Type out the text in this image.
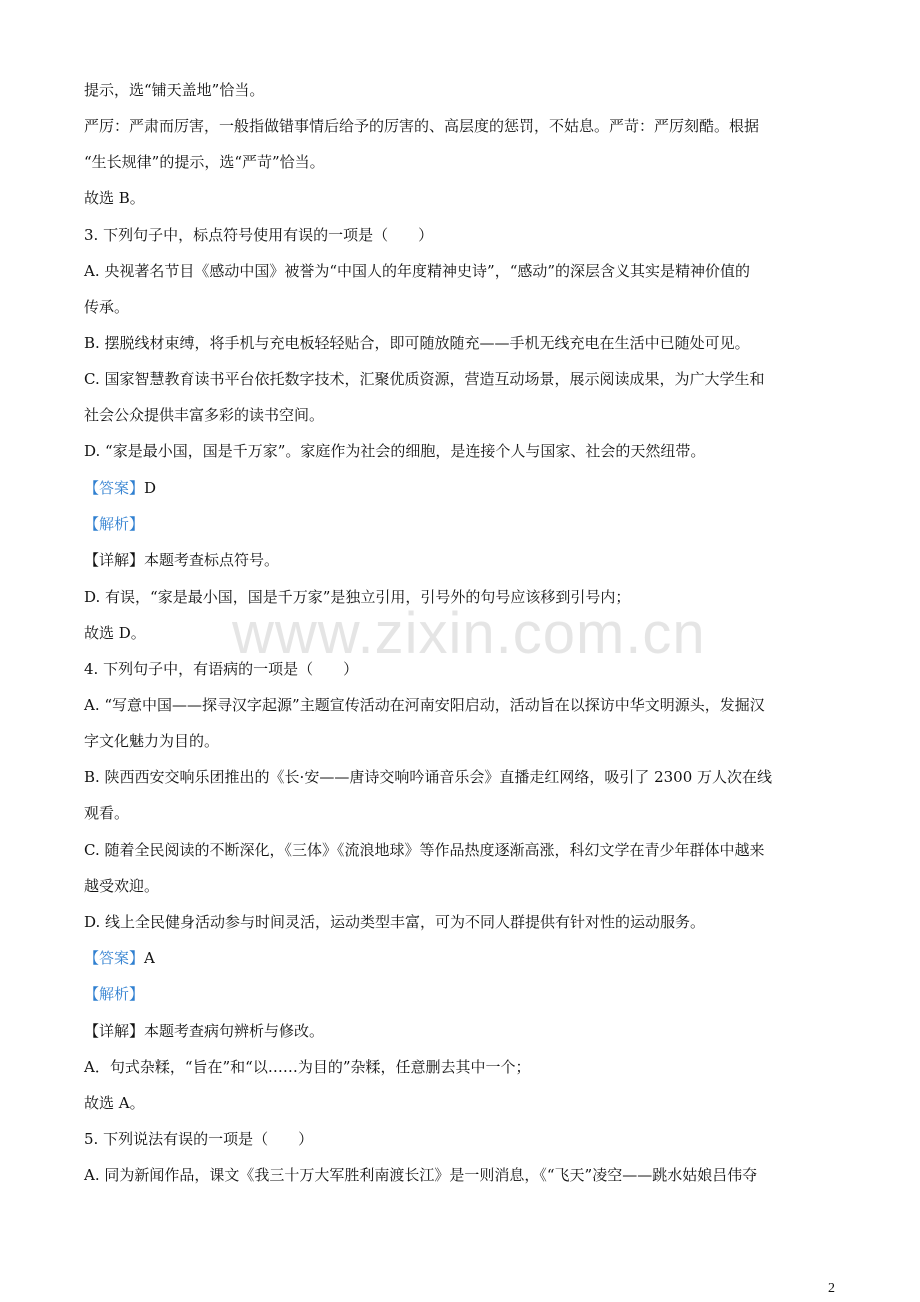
提示，选“铺天盖地”恰当。
严厉：严肃而厉害，一般指做错事情后给予的厉害的、高层度的惩罚，不姑息。严苛：严厉刻酷。根据
“生长规律”的提示，选“严苛”恰当。
故选 B。
3. 下列句子中，标点符号使用有误的一项是（　　）
A. 央视著名节目《感动中国》被誉为“中国人的年度精神史诗”，“感动”的深层含义其实是精神价值的
传承。
B. 摆脱线材束缚，将手机与充电板轻轻贴合，即可随放随充——手机无线充电在生活中已随处可见。
C. 国家智慧教育读书平台依托数字技术，汇聚优质资源，营造互动场景，展示阅读成果，为广大学生和
社会公众提供丰富多彩的读书空间。
D. “家是最小国，国是千万家”。家庭作为社会的细胞，是连接个人与国家、社会的天然纽带。
【答案】D
【解析】
【详解】本题考查标点符号。
D. 有误，“家是最小国，国是千万家”是独立引用，引号外的句号应该移到引号内；
故选 D。
4. 下列句子中，有语病的一项是（　　）
A. “写意中国——探寻汉字起源”主题宣传活动在河南安阳启动，活动旨在以探访中华文明源头，发掘汉
字文化魅力为目的。
B. 陕西西安交响乐团推出的《长·安——唐诗交响吟诵音乐会》直播走红网络，吸引了 2300 万人次在线
观看。
C. 随着全民阅读的不断深化，《三体》《流浪地球》等作品热度逐渐高涨，科幻文学在青少年群体中越来
越受欢迎。
D. 线上全民健身活动参与时间灵活，运动类型丰富，可为不同人群提供有针对性的运动服务。
【答案】A
【解析】
【详解】本题考查病句辨析与修改。
A．句式杂糅，“旨在”和“以……为目的”杂糅，任意删去其中一个；
故选 A。
5. 下列说法有误的一项是（　　）
A. 同为新闻作品，课文《我三十万大军胜利南渡长江》是一则消息，《“飞天”凌空——跳水姑娘吕伟夺
www.zixin.com.cn
2
